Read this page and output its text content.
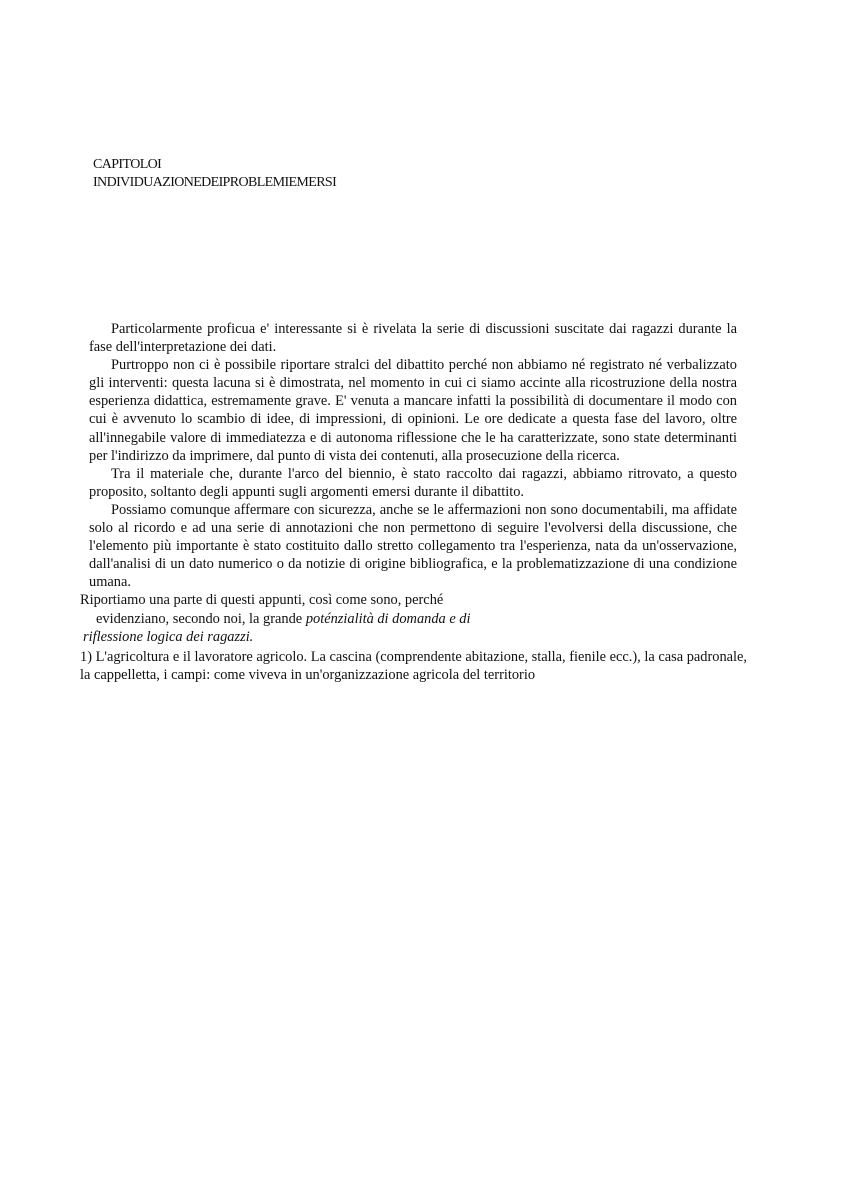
CAPITOLO I
INDIVIDUAZIONE DEI PROBLEMI EMERSI

Particolarmente proficua e' interessante si è rivelata la serie di discussioni suscitate dai ragazzi durante la fase dell'interpretazione dei dati.

Purtroppo non ci è possibile riportare stralci del dibattito perché non abbiamo né registrato né verbalizzato gli interventi: questa lacuna si è dimostrata, nel momento in cui ci siamo accinte alla ricostruzione della nostra esperienza didattica, estremamente grave. E' venuta a mancare infatti la possibilità di documentare il modo con cui è avvenuto lo scambio di idee, di impressioni, di opinioni. Le ore dedicate a questa fase del lavoro, oltre all'innegabile valore di immediatezza e di autonoma riflessione che le ha caratterizzate, sono state determinanti per l'indirizzo da imprimere, dal punto di vista dei contenuti, alla prosecuzione della ricerca.

Tra il materiale che, durante l'arco del biennio, è stato raccolto dai ragazzi, abbiamo ritrovato, a questo proposito, soltanto degli appunti sugli argomenti emersi durante il dibattito.

Possiamo comunque affermare con sicurezza, anche se le affermazioni non sono documentabili, ma affidate solo al ricordo e ad una serie di annotazioni che non permettono di seguire l'evolversi della discussione, che l'elemento più importante è stato costituito dallo stretto collegamento tra l'esperienza, nata da un'osservazione, dall'analisi di un dato numerico o da notizie di origine bibliografica, e la problematizzazione di una condizione umana.

Riportiamo una parte di questi appunti, così come sono, perché
evidenziano, secondo noi, la grande poténzialità di domanda e di
riflessione logica dei ragazzi.

1) L'agricoltura e il lavoratore agricolo. La cascina (comprendente abitazione, stalla, fienile ecc.), la casa padronale, la cappelletta, i campi: come viveva in un'organizzazione agricola del territorio
